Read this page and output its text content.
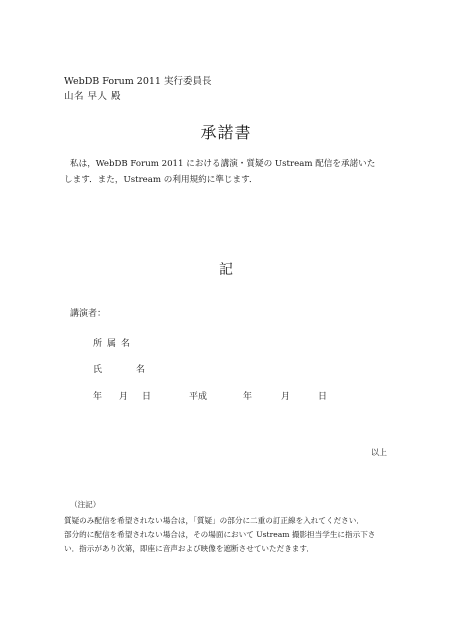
WebDB Forum 2011 実行委員長
山名 早人 殿
承諾書
私は，WebDB Forum 2011 における講演・質疑の Ustream 配信を承諾いた
します．また，Ustream の利用規約に準じます．
記
講演者：
所属名
氏	名
年 月 日	平成	年	月	日
以上
（注記）
質疑のみ配信を希望されない場合は，「質疑」の部分に二重の訂正線を入れてください．
部分的に配信を希望されない場合は，その場面において Ustream 撮影担当学生に指示下さ
い．指示があり次第，即座に音声および映像を遮断させていただきます．
